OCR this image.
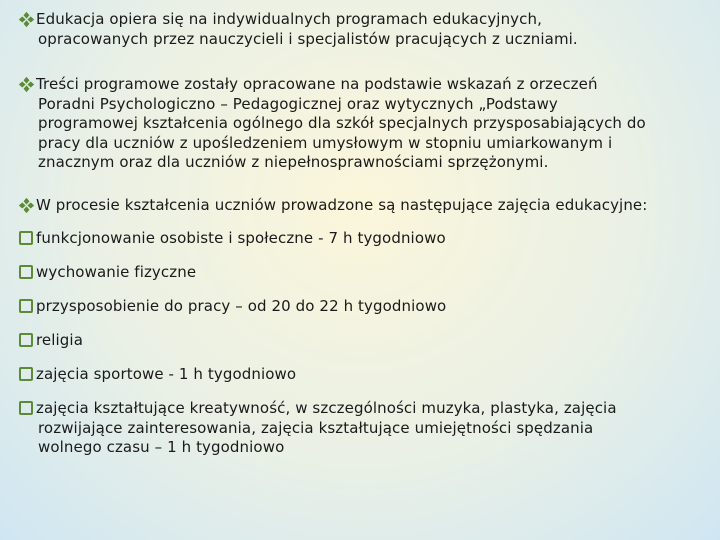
Edukacja opiera się na indywidualnych programach edukacyjnych,
opracowanych przez nauczycieli i specjalistów pracujących z uczniami.
Treści programowe zostały opracowane na podstawie wskazań z orzeczeń
Poradni Psychologiczno – Pedagogicznej oraz wytycznych „Podstawy
programowej kształcenia ogólnego dla szkół specjalnych przysposabiających do
pracy dla uczniów z upośledzeniem umysłowym w stopniu umiarkowanym i
znacznym oraz dla uczniów z niepełnosprawnościami sprzężonymi.
W procesie kształcenia uczniów prowadzone są następujące zajęcia edukacyjne:
funkcjonowanie osobiste i społeczne - 7 h tygodniowo
wychowanie fizyczne
przysposobienie do pracy – od 20 do 22 h tygodniowo
religia
zajęcia sportowe - 1 h tygodniowo
zajęcia kształtujące kreatywność, w szczególności muzyka, plastyka, zajęcia
rozwijające zainteresowania, zajęcia kształtujące umiejętności spędzania
wolnego czasu – 1 h tygodniowo
